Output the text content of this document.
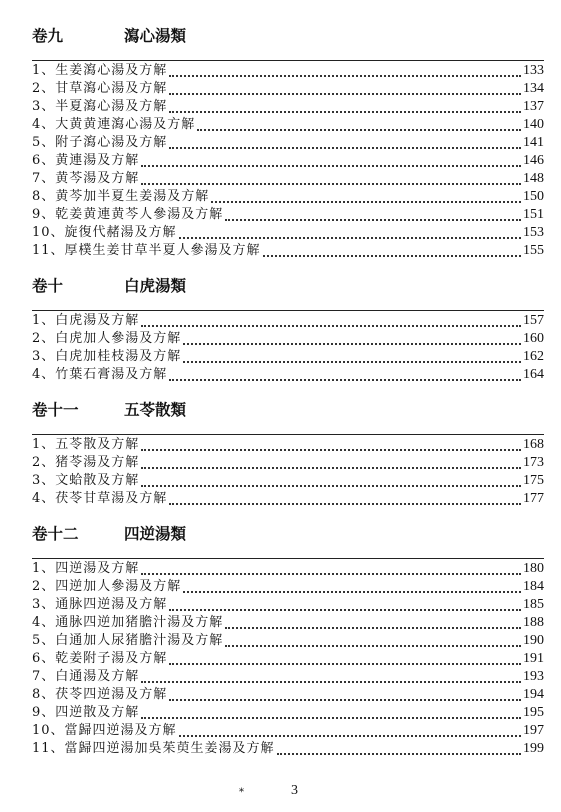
卷九	瀉心湯類
1、生姜瀉心湯及方解	133
2、甘草瀉心湯及方解	134
3、半夏瀉心湯及方解	137
4、大黄黄連瀉心湯及方解	140
5、附子瀉心湯及方解	141
6、黄連湯及方解	146
7、黄芩湯及方解	148
8、黄芩加半夏生姜湯及方解	150
9、乾姜黄連黄芩人參湯及方解	151
10、旋復代赭湯及方解	153
11、厚樸生姜甘草半夏人參湯及方解	155
卷十	白虎湯類
1、白虎湯及方解	157
2、白虎加人參湯及方解	160
3、白虎加桂枝湯及方解	162
4、竹葉石膏湯及方解	164
卷十一	五苓散類
1、五苓散及方解	168
2、猪苓湯及方解	173
3、文蛤散及方解	175
4、茯苓甘草湯及方解	177
卷十二	四逆湯類
1、四逆湯及方解	180
2、四逆加人參湯及方解	184
3、通脉四逆湯及方解	185
4、通脉四逆加猪膽汁湯及方解	188
5、白通加人尿猪膽汁湯及方解	190
6、乾姜附子湯及方解	191
7、白通湯及方解	193
8、茯苓四逆湯及方解	194
9、四逆散及方解	195
10、當歸四逆湯及方解	197
11、當歸四逆湯加吳茱萸生姜湯及方解	199
*	3
